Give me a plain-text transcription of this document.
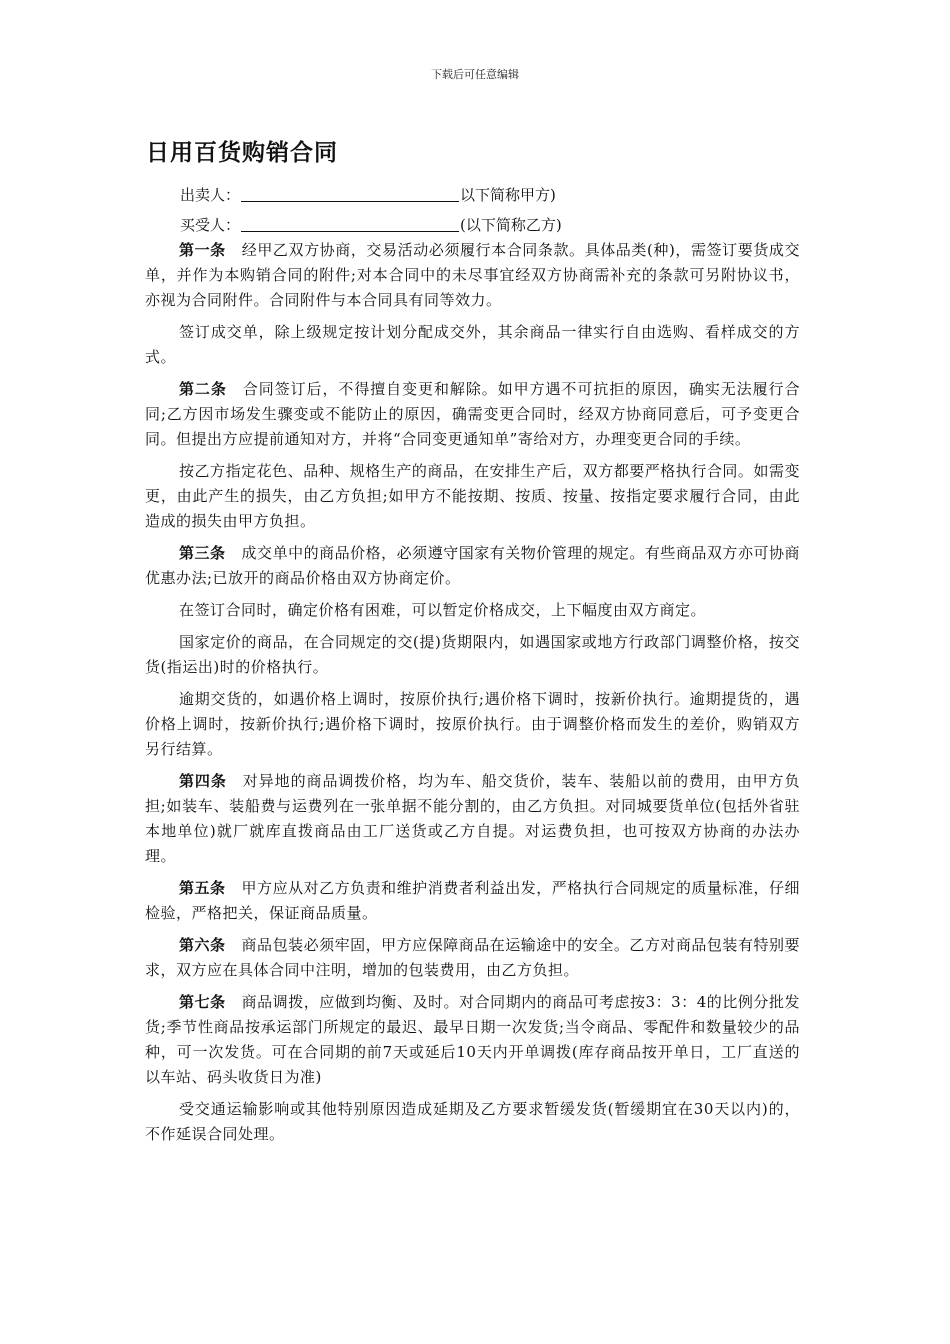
下载后可任意编辑
日用百货购销合同
出卖人：	以下简称甲方)
买受人：	(以下简称乙方)

第一条 经甲乙双方协商，交易活动必须履行本合同条款。具体品类(种)，需签订要货成交单，并作为本购销合同的附件;对本合同中的未尽事宜经双方协商需补充的条款可另附协议书，亦视为合同附件。合同附件与本合同具有同等效力。

签订成交单，除上级规定按计划分配成交外，其余商品一律实行自由选购、看样成交的方式。

第二条 合同签订后，不得擅自变更和解除。如甲方遇不可抗拒的原因，确实无法履行合同;乙方因市场发生骤变或不能防止的原因，确需变更合同时，经双方协商同意后，可予变更合同。但提出方应提前通知对方，并将“合同变更通知单”寄给对方，办理变更合同的手续。

按乙方指定花色、品种、规格生产的商品，在安排生产后，双方都要严格执行合同。如需变更，由此产生的损失，由乙方负担;如甲方不能按期、按质、按量、按指定要求履行合同，由此造成的损失由甲方负担。

第三条 成交单中的商品价格，必须遵守国家有关物价管理的规定。有些商品双方亦可协商优惠办法;已放开的商品价格由双方协商定价。

在签订合同时，确定价格有困难，可以暂定价格成交，上下幅度由双方商定。

国家定价的商品，在合同规定的交(提)货期限内，如遇国家或地方行政部门调整价格，按交货(指运出)时的价格执行。

逾期交货的，如遇价格上调时，按原价执行;遇价格下调时，按新价执行。逾期提货的，遇价格上调时，按新价执行;遇价格下调时，按原价执行。由于调整价格而发生的差价，购销双方另行结算。

第四条 对异地的商品调拨价格，均为车、船交货价，装车、装船以前的费用，由甲方负担;如装车、装船费与运费列在一张单据不能分割的，由乙方负担。对同城要货单位(包括外省驻本地单位)就厂就库直拨商品由工厂送货或乙方自提。对运费负担，也可按双方协商的办法办理。

第五条 甲方应从对乙方负责和维护消费者利益出发，严格执行合同规定的质量标准，仔细检验，严格把关，保证商品质量。

第六条 商品包装必须牢固，甲方应保障商品在运输途中的安全。乙方对商品包装有特别要求，双方应在具体合同中注明，增加的包装费用，由乙方负担。

第七条 商品调拨，应做到均衡、及时。对合同期内的商品可考虑按3：3：4的比例分批发货;季节性商品按承运部门所规定的最迟、最早日期一次发货;当令商品、零配件和数量较少的品种，可一次发货。可在合同期的前7天或延后10天内开单调拨(库存商品按开单日，工厂直送的以车站、码头收货日为准)

受交通运输影响或其他特别原因造成延期及乙方要求暂缓发货(暂缓期宜在30天以内)的，不作延误合同处理。
